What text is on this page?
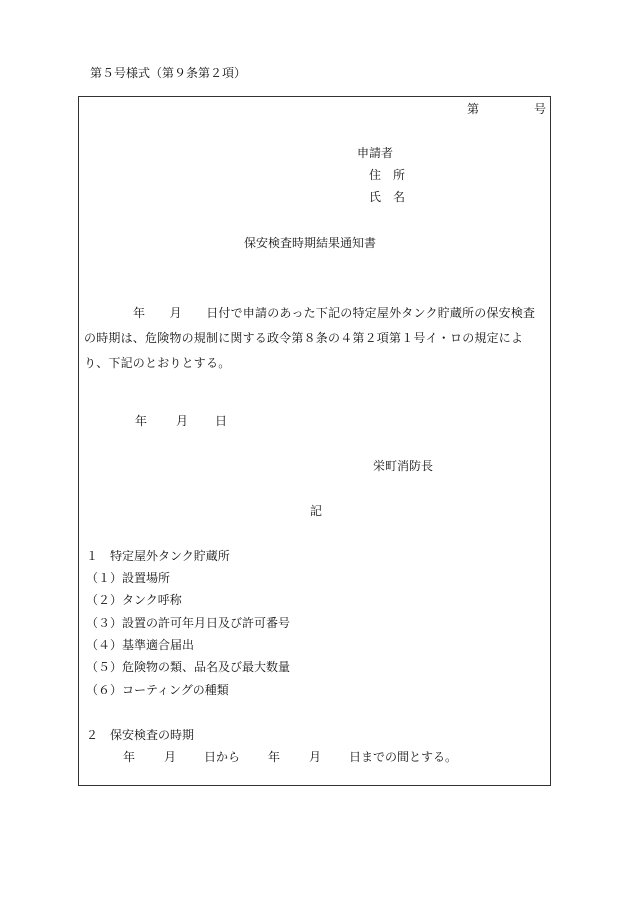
第５号様式（第９条第２項）
第	号
申請者
住　所
氏　名
保安検査時期結果通知書
年　　月　　日付で申請のあった下記の特定屋外タンク貯蔵所の保安検査の時期は、危険物の規制に関する政令第８条の４第２項第１号イ・ロの規定により、下記のとおりとする。
年 月 日
栄町消防長
記
１　特定屋外タンク貯蔵所
（１）設置場所
（２）タンク呼称
（３）設置の許可年月日及び許可番号
（４）基準適合届出
（５）危険物の類、品名及び最大数量
（６）コーティングの種類
２　保安検査の時期
年 月 日から 年 月 日までの間とする。
